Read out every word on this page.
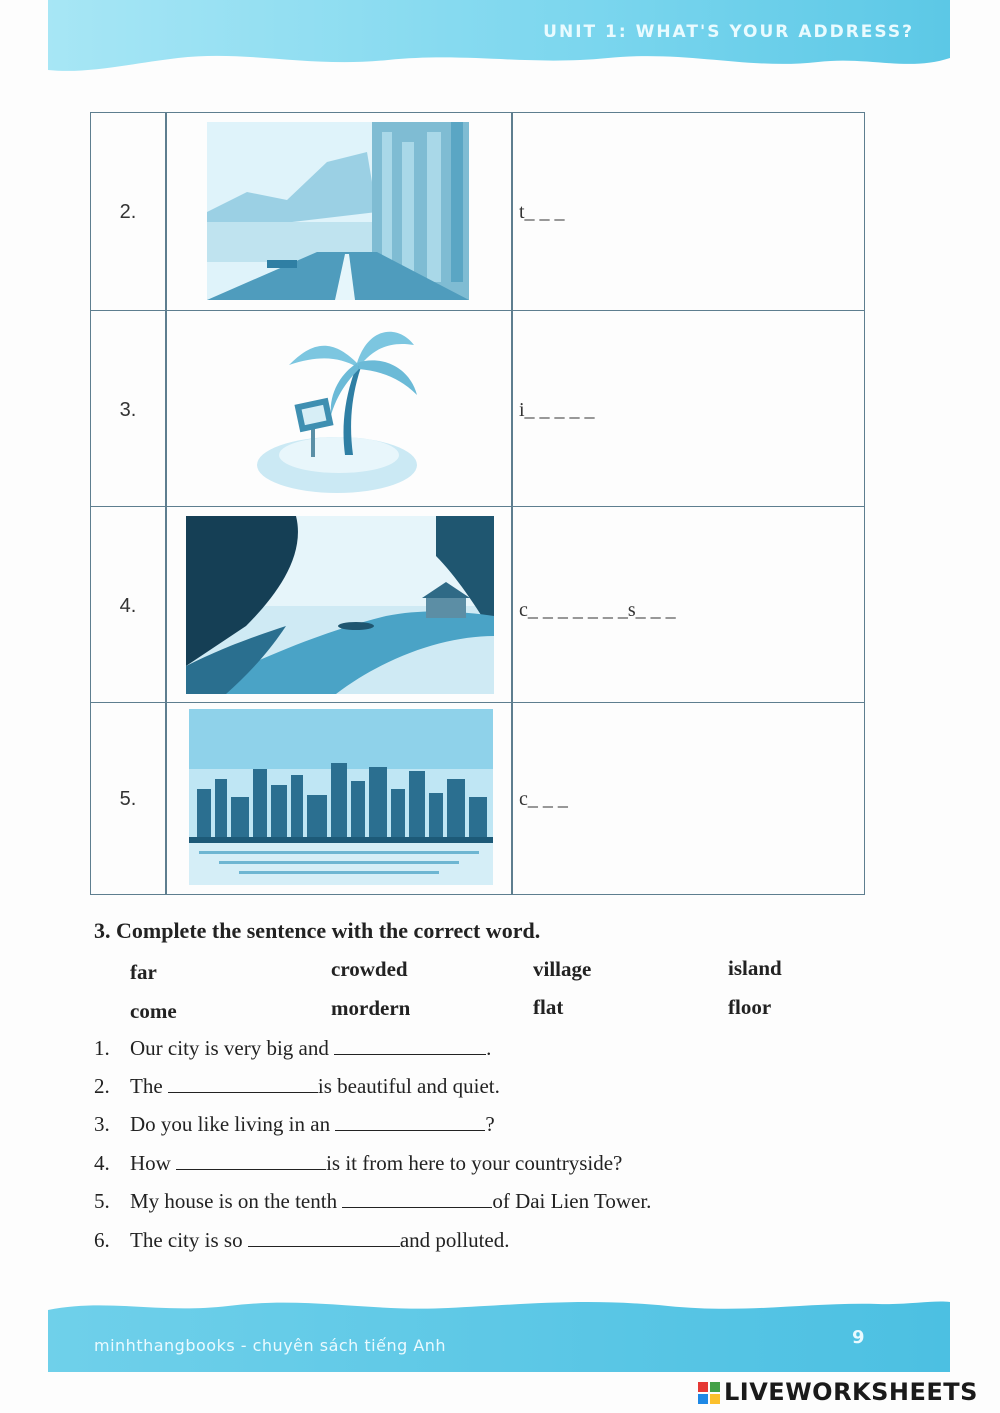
UNIT 1: WHAT'S YOUR ADDRESS?
2.	t_ _ _
3.	i_ _ _ _ _
4.	c_ _ _ _ _ _ _s_ _ _
5.	c_ _ _
3. Complete the sentence with the correct word.
far	crowded	village	island
come	mordern	flat	floor
1. Our city is very big and	.
2. The	is beautiful and quiet.
3. Do you like living in an	?
4. How	is it from here to your countryside?
5. My house is on the tenth	of Dai Lien Tower.
6. The city is so	and polluted.
minhthangbooks - chuyên sách tiếng Anh	9
LIVEWORKSHEETS
